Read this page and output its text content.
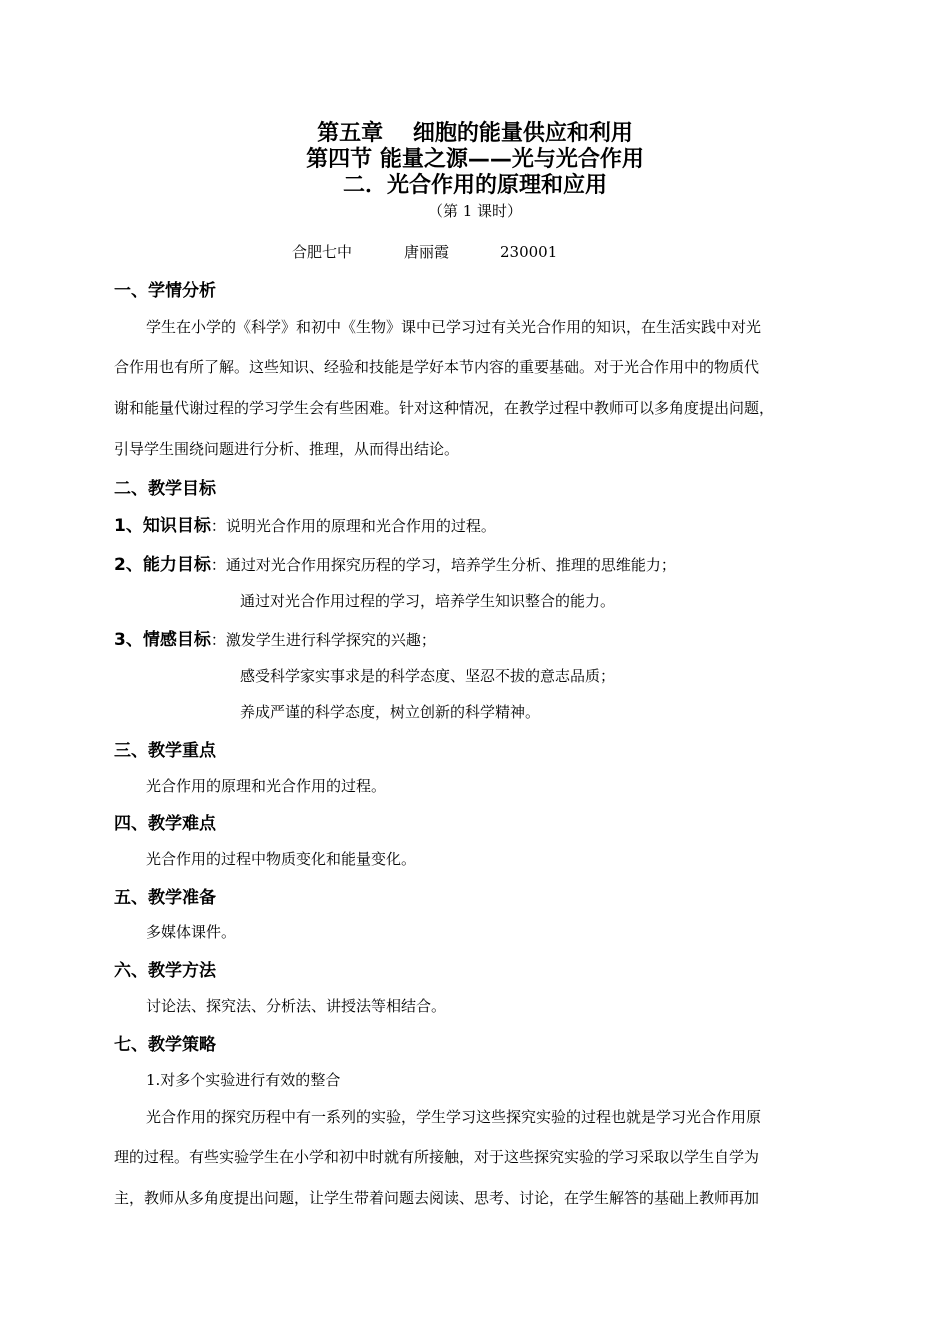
第五章　 细胞的能量供应和利用
第四节 能量之源——光与光合作用
二．光合作用的原理和应用
（第 1 课时）
合肥七中	唐丽霞	230001
一、学情分析
学生在小学的《科学》和初中《生物》课中已学习过有关光合作用的知识，在生活实践中对光
合作用也有所了解。这些知识、经验和技能是学好本节内容的重要基础。对于光合作用中的物质代
谢和能量代谢过程的学习学生会有些困难。针对这种情况，在教学过程中教师可以多角度提出问题，
引导学生围绕问题进行分析、推理，从而得出结论。
二、教学目标
1、知识目标：说明光合作用的原理和光合作用的过程。
2、能力目标：通过对光合作用探究历程的学习，培养学生分析、推理的思维能力；
通过对光合作用过程的学习，培养学生知识整合的能力。
3、情感目标：激发学生进行科学探究的兴趣；
感受科学家实事求是的科学态度、坚忍不拔的意志品质；
养成严谨的科学态度，树立创新的科学精神。
三、教学重点
光合作用的原理和光合作用的过程。
四、教学难点
光合作用的过程中物质变化和能量变化。
五、教学准备
多媒体课件。
六、教学方法
讨论法、探究法、分析法、讲授法等相结合。
七、教学策略
1.对多个实验进行有效的整合
光合作用的探究历程中有一系列的实验，学生学习这些探究实验的过程也就是学习光合作用原
理的过程。有些实验学生在小学和初中时就有所接触，对于这些探究实验的学习采取以学生自学为
主，教师从多角度提出问题，让学生带着问题去阅读、思考、讨论，在学生解答的基础上教师再加
